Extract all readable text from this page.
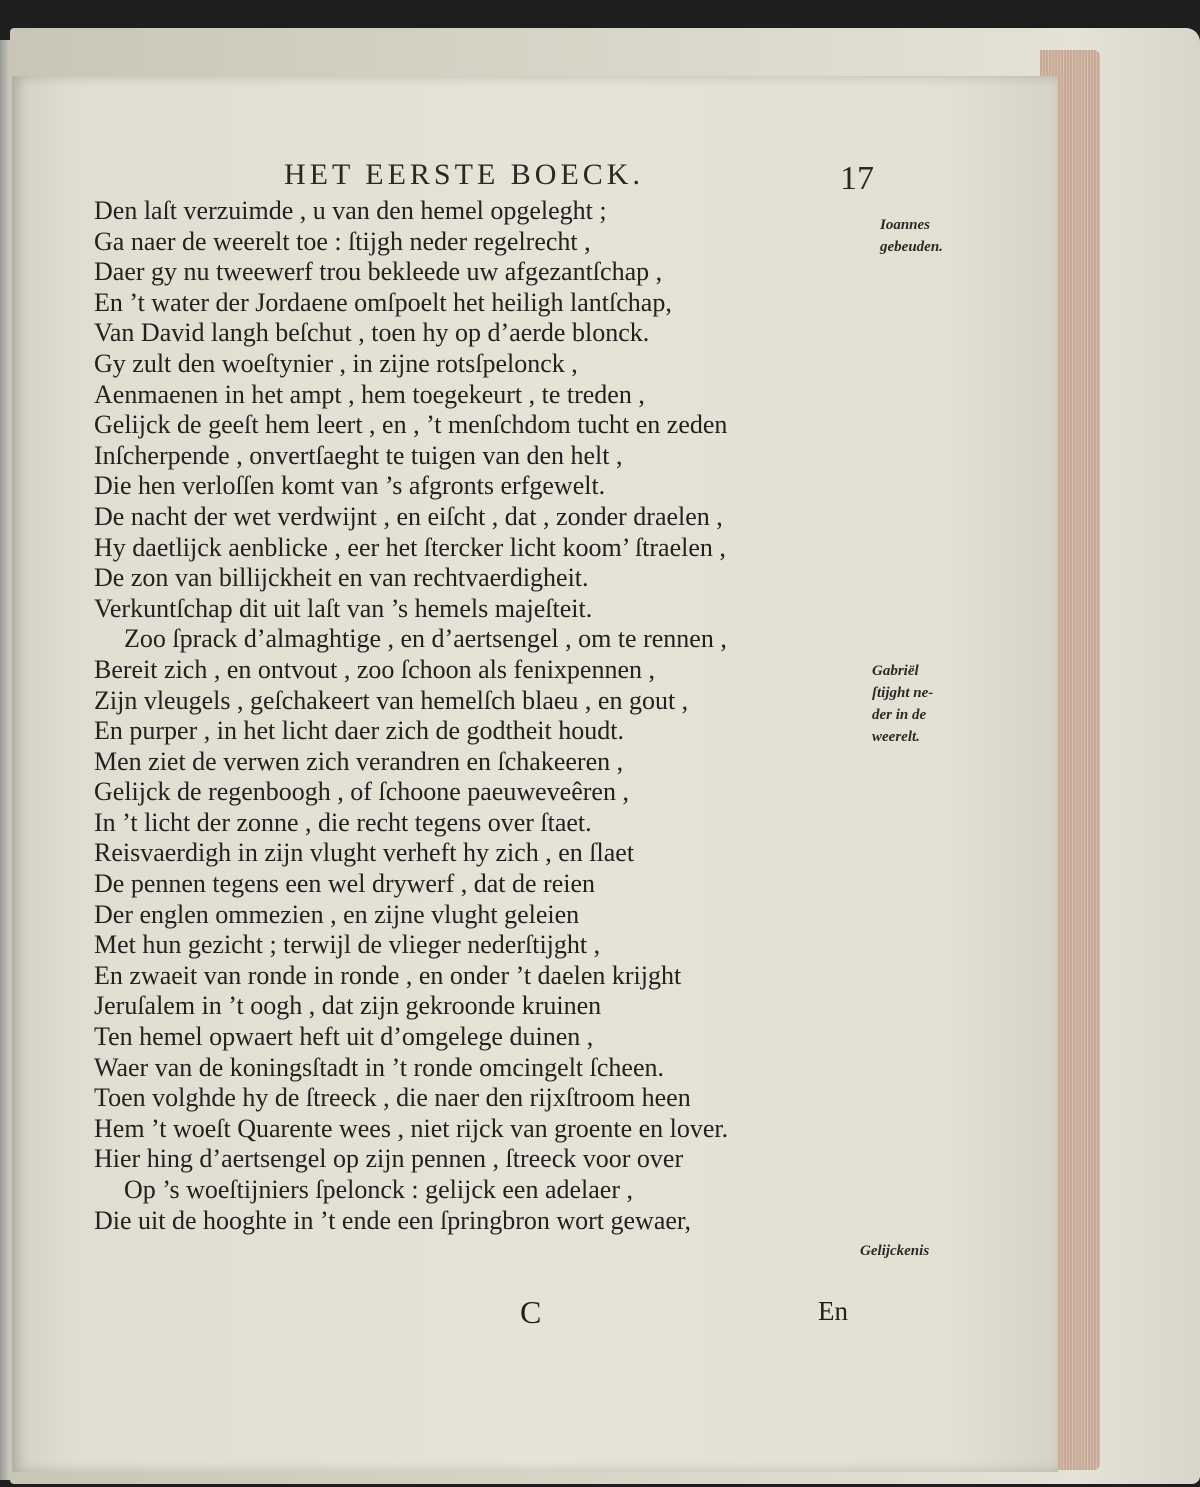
HET EERSTE BOECK.	17
Den laſt verzuimde , u van den hemel opgeleght ;
Ga naer de weerelt toe : ſtijgh neder regelrecht ,
Daer gy nu tweewerf trou bekleede uw afgezantſchap ,
En ’t water der Jordaene omſpoelt het heiligh lantſchap,
Van David langh beſchut , toen hy op d’aerde blonck.
Gy zult den woeſtynier , in zijne rotsſpelonck ,
Aenmaenen in het ampt , hem toegekeurt , te treden ,
Gelijck de geeſt hem leert , en , ’t menſchdom tucht en zeden
Inſcherpende , onvertſaeght te tuigen van den helt ,
Die hen verloſſen komt van ’s afgronts erfgewelt.
De nacht der wet verdwijnt , en eiſcht , dat , zonder draelen ,
Hy daetlijck aenblicke , eer het ſtercker licht koom’ ſtraelen ,
De zon van billijckheit en van rechtvaerdigheit.
Verkuntſchap dit uit laſt van ’s hemels majeſteit.
Zoo ſprack d’almaghtige , en d’aertsengel , om te rennen ,
Bereit zich , en ontvout , zoo ſchoon als fenixpennen ,
Zijn vleugels , geſchakeert van hemelſch blaeu , en gout ,
En purper , in het licht daer zich de godtheit houdt.
Men ziet de verwen zich verandren en ſchakeeren ,
Gelijck de regenboogh , of ſchoone paeuweveêren ,
In ’t licht der zonne , die recht tegens over ſtaet.
Reisvaerdigh in zijn vlught verheft hy zich , en ſlaet
De pennen tegens een wel drywerf , dat de reien
Der englen ommezien , en zijne vlught geleien
Met hun gezicht ; terwijl de vlieger nederſtijght ,
En zwaeit van ronde in ronde , en onder ’t daelen krijght
Jeruſalem in ’t oogh , dat zijn gekroonde kruinen
Ten hemel opwaert heft uit d’omgelege duinen ,
Waer van de koningsſtadt in ’t ronde omcingelt ſcheen.
Toen volghde hy de ſtreeck , die naer den rijxſtroom heen
Hem ’t woeſt Quarente wees , niet rijck van groente en lover.
Hier hing d’aertsengel op zijn pennen , ſtreeck voor over
Op ’s woeſtijniers ſpelonck : gelijck een adelaer ,
Die uit de hooghte in ’t ende een ſpringbron wort gewaer,
Ioannes
gebeuden.
Gabriël
ſtijght ne-
der in de
weerelt.
Gelijckenis
C	En
